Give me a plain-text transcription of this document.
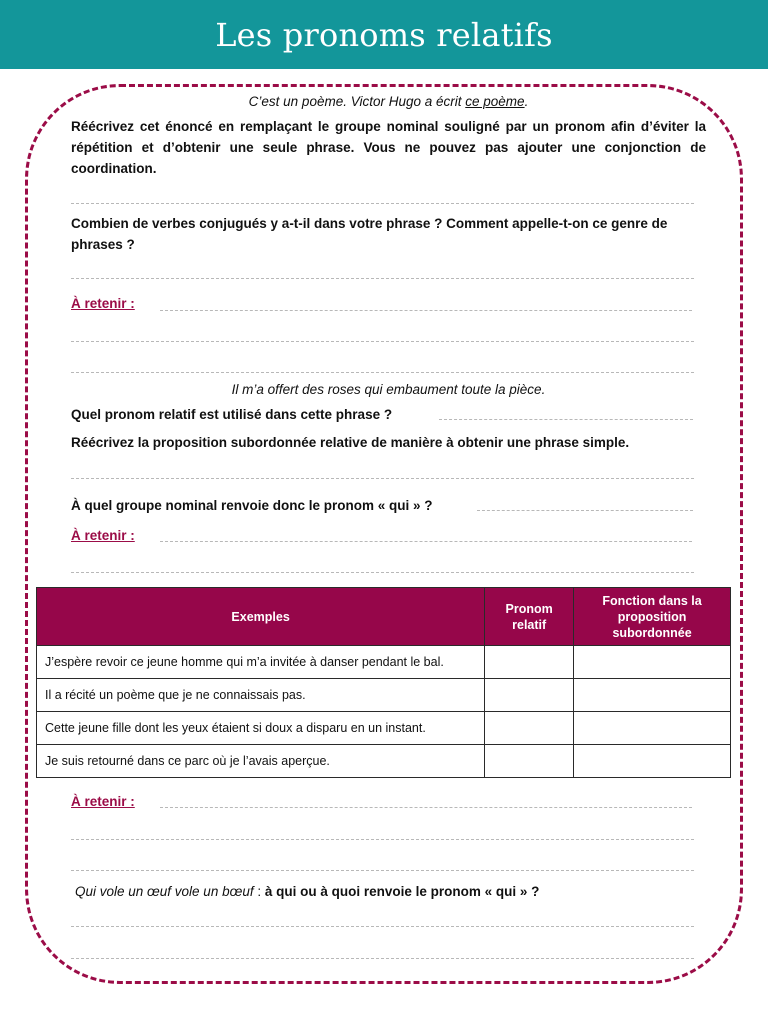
Les pronoms relatifs
C’est un poème. Victor Hugo a écrit ce poème.
Réécrivez cet énoncé en remplaçant le groupe nominal souligné par un pronom afin d’éviter la répétition et d’obtenir une seule phrase. Vous ne pouvez pas ajouter une conjonction de coordination.
Combien de verbes conjugués y a-t-il dans votre phrase ? Comment appelle-t-on ce genre de phrases ?
À retenir :
Il m’a offert des roses qui embaument toute la pièce.
Quel pronom relatif est utilisé dans cette phrase ?
Réécrivez la proposition subordonnée relative de manière à obtenir une phrase simple.
À quel groupe nominal renvoie donc le pronom « qui » ?
À retenir :
Exemples	Pronom relatif	Fonction dans la proposition subordonnée
J’espère revoir ce jeune homme qui m’a invitée à danser pendant le bal.		
Il a récité un poème que je ne connaissais pas.		
Cette jeune fille dont les yeux étaient si doux a disparu en un instant.		
Je suis retourné dans ce parc où je l’avais aperçue.		
À retenir :
Qui vole un œuf vole un bœuf : à qui ou à quoi renvoie le pronom « qui » ?
